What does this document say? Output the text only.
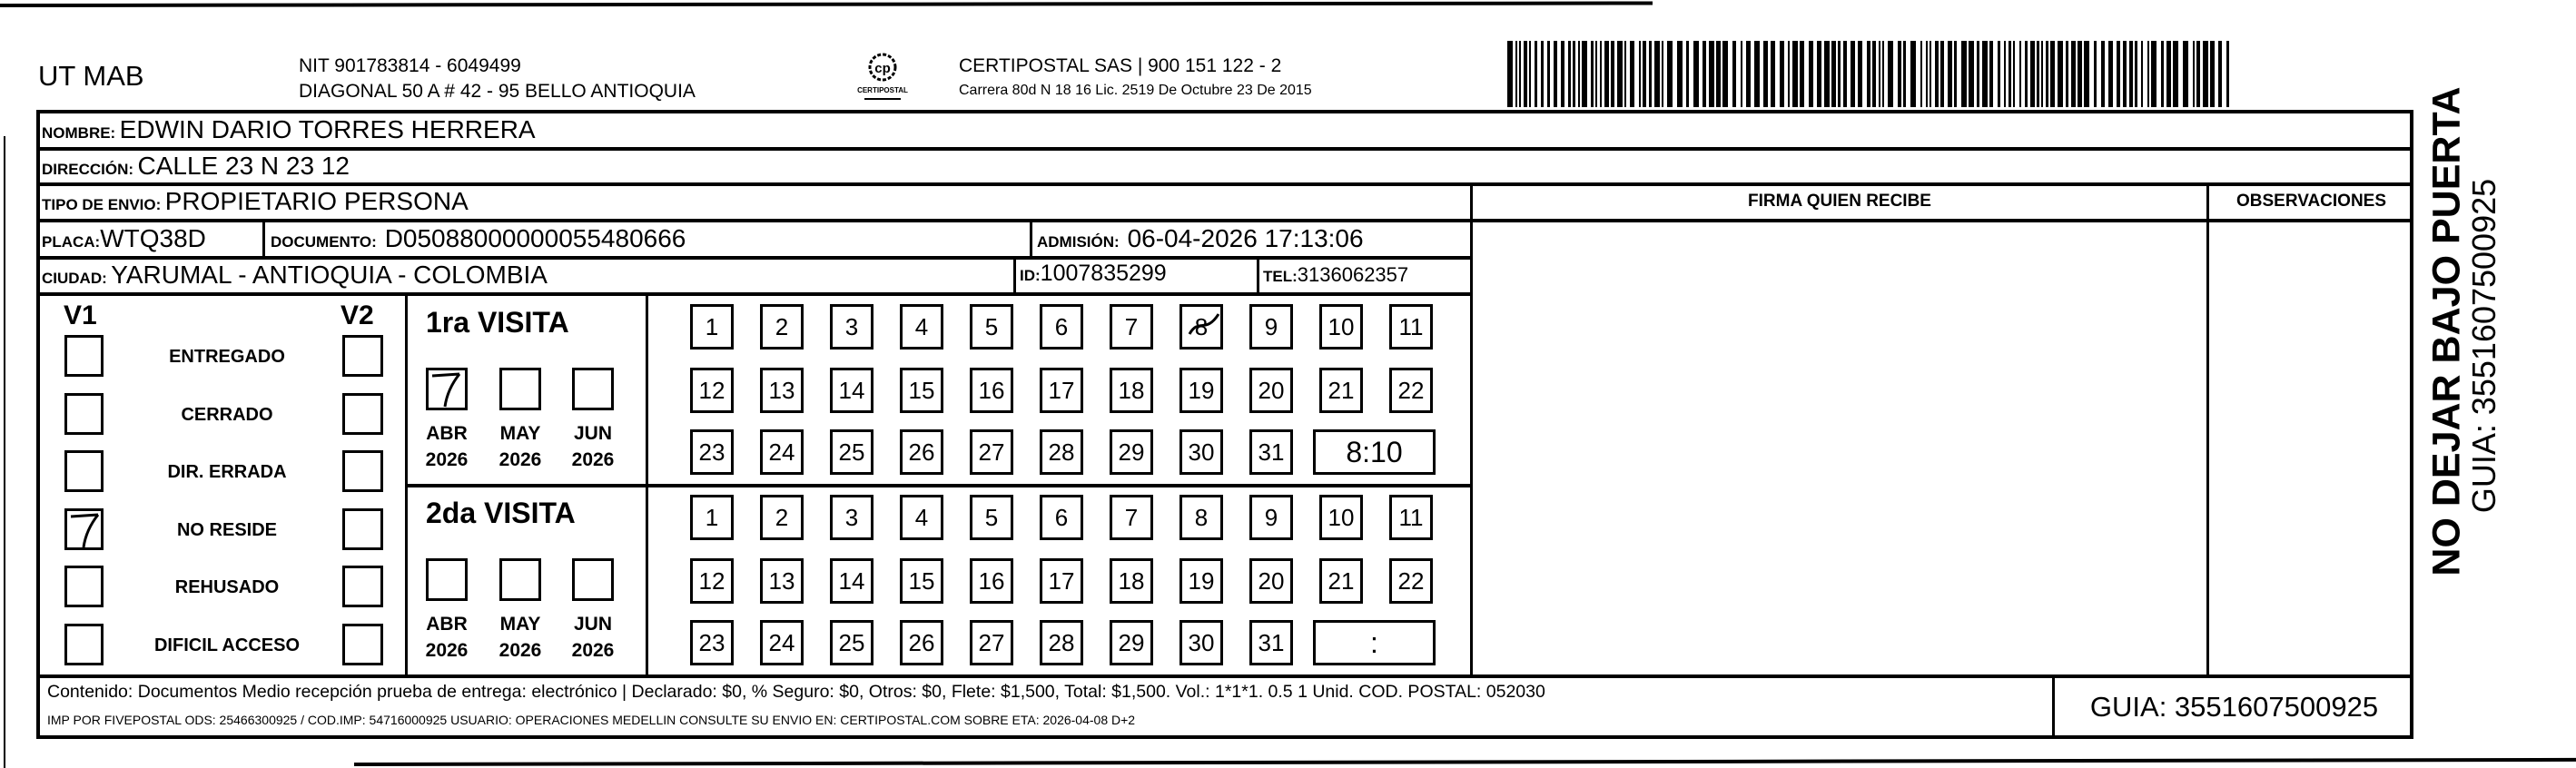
UT MAB	NIT 901783814 - 6049499
DIAGONAL 50 A # 42 - 95 BELLO ANTIOQUIA
cp
CERTIPOSTAL
CERTIPOSTAL SAS | 900 151 122 - 2
Carrera 80d N 18 16 Lic. 2519 De Octubre 23 De 2015
NOMBRE: EDWIN DARIO TORRES HERRERA
DIRECCIÓN: CALLE 23 N 23 12
TIPO DE ENVIO: PROPIETARIO PERSONA
PLACA:WTQ38D	DOCUMENTO: D05088000000055480666	ADMISIÓN: 06-04-2026 17:13:06
CIUDAD: YARUMAL - ANTIOQUIA - COLOMBIA	ID:1007835299	TEL:3136062357
FIRMA QUIEN RECIBE	OBSERVACIONES
V1	V2
ENTREGADO
CERRADO
DIR. ERRADA
NO RESIDE
REHUSADO
DIFICIL ACCESO
1ra VISITA
ABR
2026
MAY
2026
JUN
2026
1	2	3	4	5	6	7	8	9	10	11
12	13	14	15	16	17	18	19	20	21	22
23	24	25	26	27	28	29	30	31	8:10
2da VISITA
ABR
2026
MAY
2026
JUN
2026
1	2	3	4	5	6	7	8	9	10	11
12	13	14	15	16	17	18	19	20	21	22
23	24	25	26	27	28	29	30	31	:
Contenido: Documentos Medio recepción prueba de entrega: electrónico | Declarado: $0, % Seguro: $0, Otros: $0, Flete: $1,500, Total: $1,500. Vol.: 1*1*1. 0.5 1 Unid. COD. POSTAL: 052030
IMP POR FIVEPOSTAL ODS: 25466300925 / COD.IMP: 54716000925 USUARIO: OPERACIONES MEDELLIN CONSULTE SU ENVIO EN: CERTIPOSTAL.COM SOBRE ETA: 2026-04-08 D+2	GUIA: 3551607500925
NO DEJAR BAJO PUERTA
GUIA: 3551607500925
